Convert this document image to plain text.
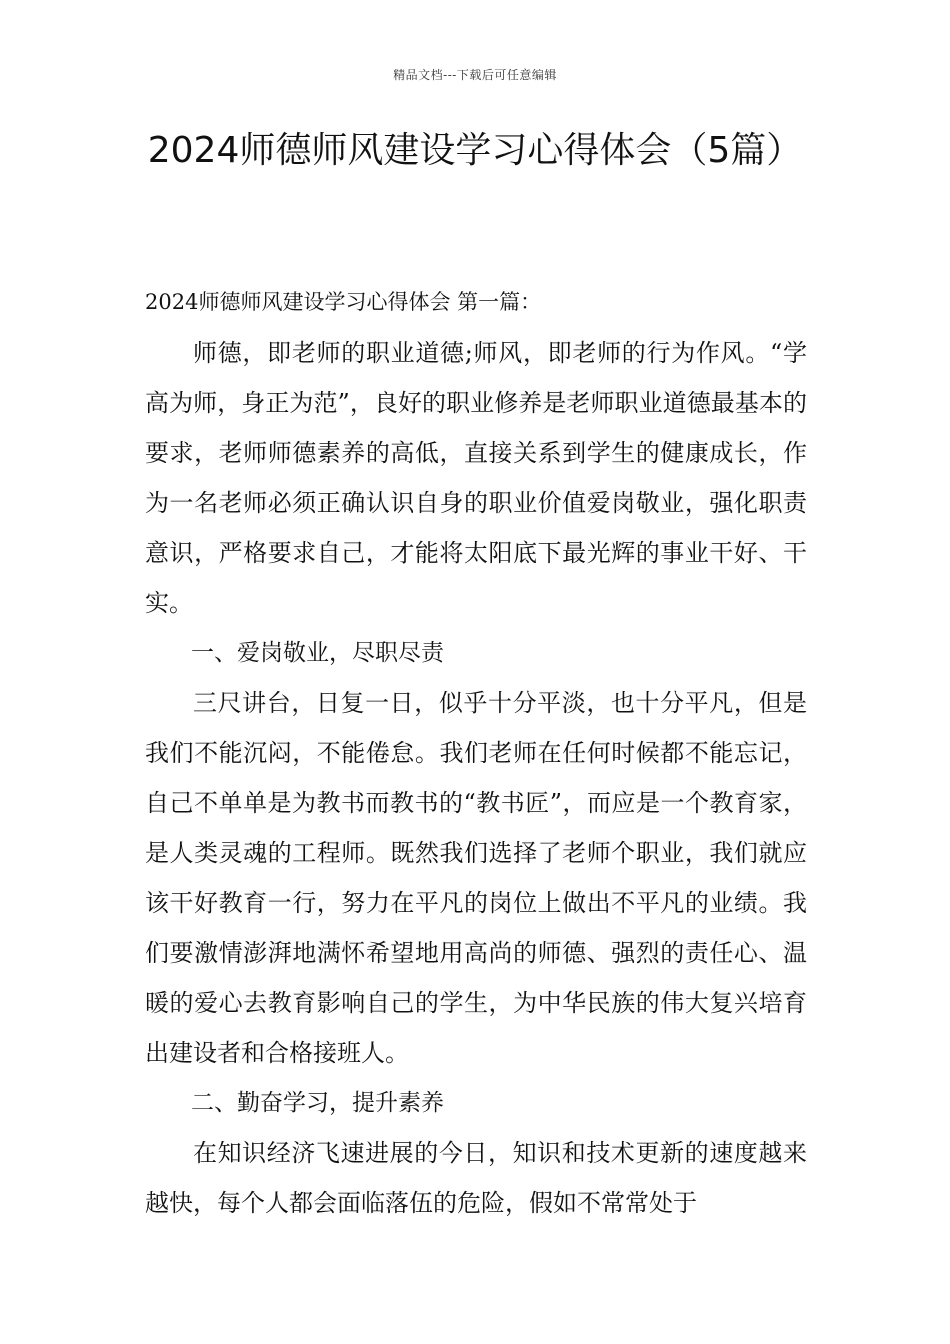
精品文档---下载后可任意编辑
2024师德师风建设学习心得体会（5篇）

2024师德师风建设学习心得体会 第一篇：

师德，即老师的职业道德;师风，即老师的行为作风。“学高为师，身正为范”，良好的职业修养是老师职业道德最基本的要求，老师师德素养的高低，直接关系到学生的健康成长，作为一名老师必须正确认识自身的职业价值爱岗敬业，强化职责意识，严格要求自己，才能将太阳底下最光辉的事业干好、干实。

一、爱岗敬业，尽职尽责

三尺讲台，日复一日，似乎十分平淡，也十分平凡，但是我们不能沉闷，不能倦怠。我们老师在任何时候都不能忘记，自己不单单是为教书而教书的“教书匠”，而应是一个教育家，是人类灵魂的工程师。既然我们选择了老师个职业，我们就应该干好教育一行，努力在平凡的岗位上做出不平凡的业绩。我们要激情澎湃地满怀希望地用高尚的师德、强烈的责任心、温暖的爱心去教育影响自己的学生，为中华民族的伟大复兴培育出建设者和合格接班人。

二、勤奋学习，提升素养

在知识经济飞速进展的今日，知识和技术更新的速度越来越快，每个人都会面临落伍的危险，假如不常常处于
